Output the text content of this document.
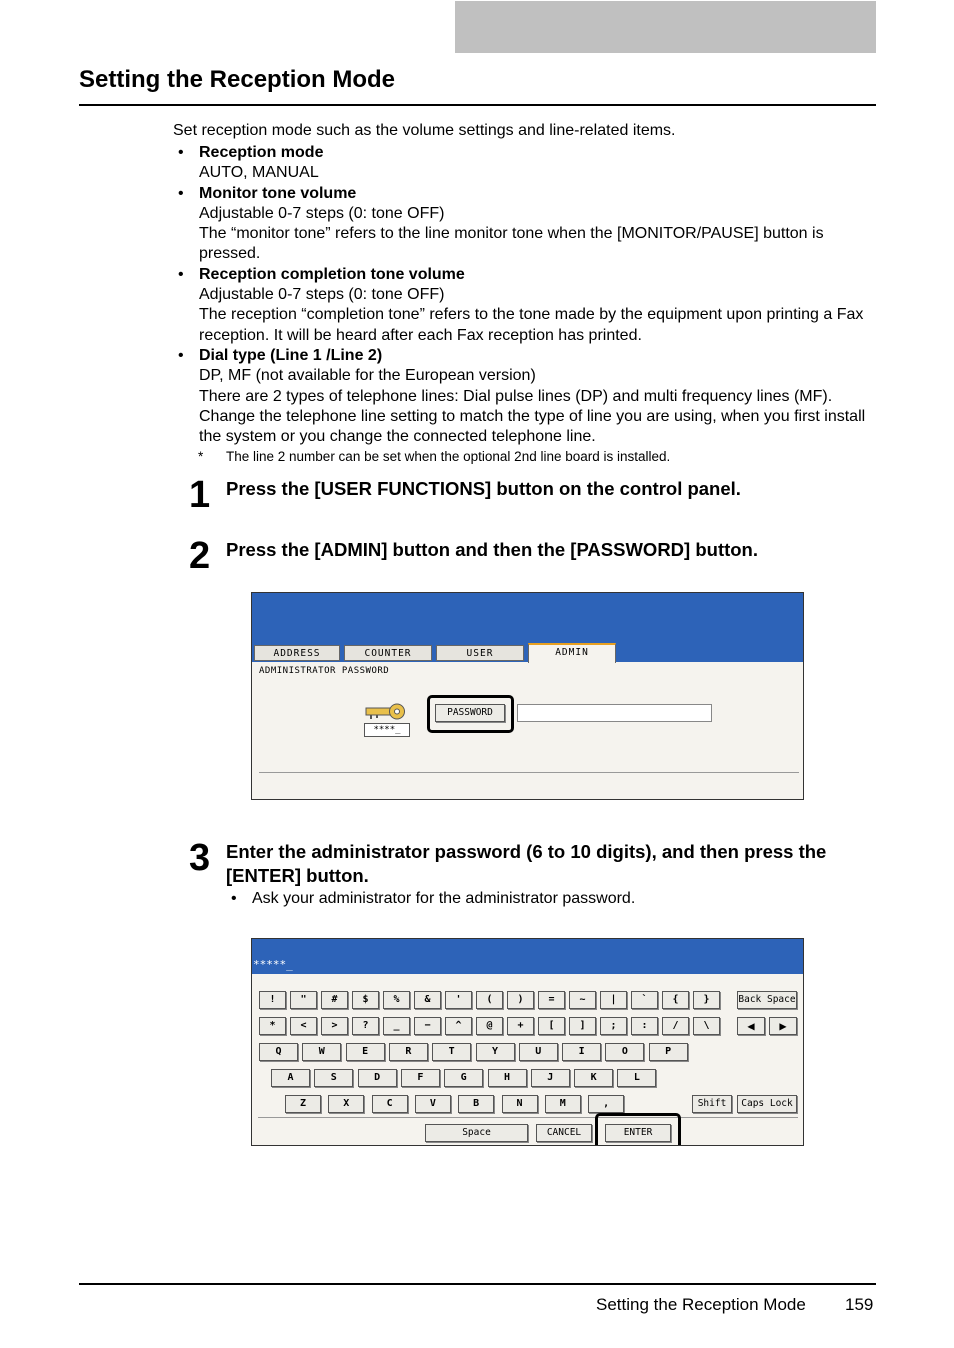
Setting the Reception Mode
Set reception mode such as the volume settings and line-related items.
• Reception mode
AUTO, MANUAL
• Monitor tone volume
Adjustable 0-7 steps (0: tone OFF)
The “monitor tone” refers to the line monitor tone when the [MONITOR/PAUSE] button is pressed.
• Reception completion tone volume
Adjustable 0-7 steps (0: tone OFF)
The reception “completion tone” refers to the tone made by the equipment upon printing a Fax reception. It will be heard after each Fax reception has printed.
• Dial type (Line 1 /Line 2)
DP, MF (not available for the European version)
There are 2 types of telephone lines: Dial pulse lines (DP) and multi frequency lines (MF). Change the telephone line setting to match the type of line you are using, when you first install the system or you change the connected telephone line.
* The line 2 number can be set when the optional 2nd line board is installed.
1 Press the [USER FUNCTIONS] button on the control panel.
2 Press the [ADMIN] button and then the [PASSWORD] button.
ADDRESS	COUNTER	USER	ADMIN
ADMINISTRATOR PASSWORD
****_
PASSWORD
3 Enter the administrator password (6 to 10 digits), and then press the [ENTER] button.
• Ask your administrator for the administrator password.
*****_
!	"	#	$	%	&	'	(	)	=	~	|	`	{	}
*	<	>	?	_	−	^	@	+	[	]	;	:	/	\
Q	W	E	R	T	Y	U	I	O	P
A	S	D	F	G	H	J	K	L
Z	X	C	V	B	N	M	,
Back Space
◀	▶
Shift	Caps Lock
Space	CANCEL	ENTER
Setting the Reception Mode 159
